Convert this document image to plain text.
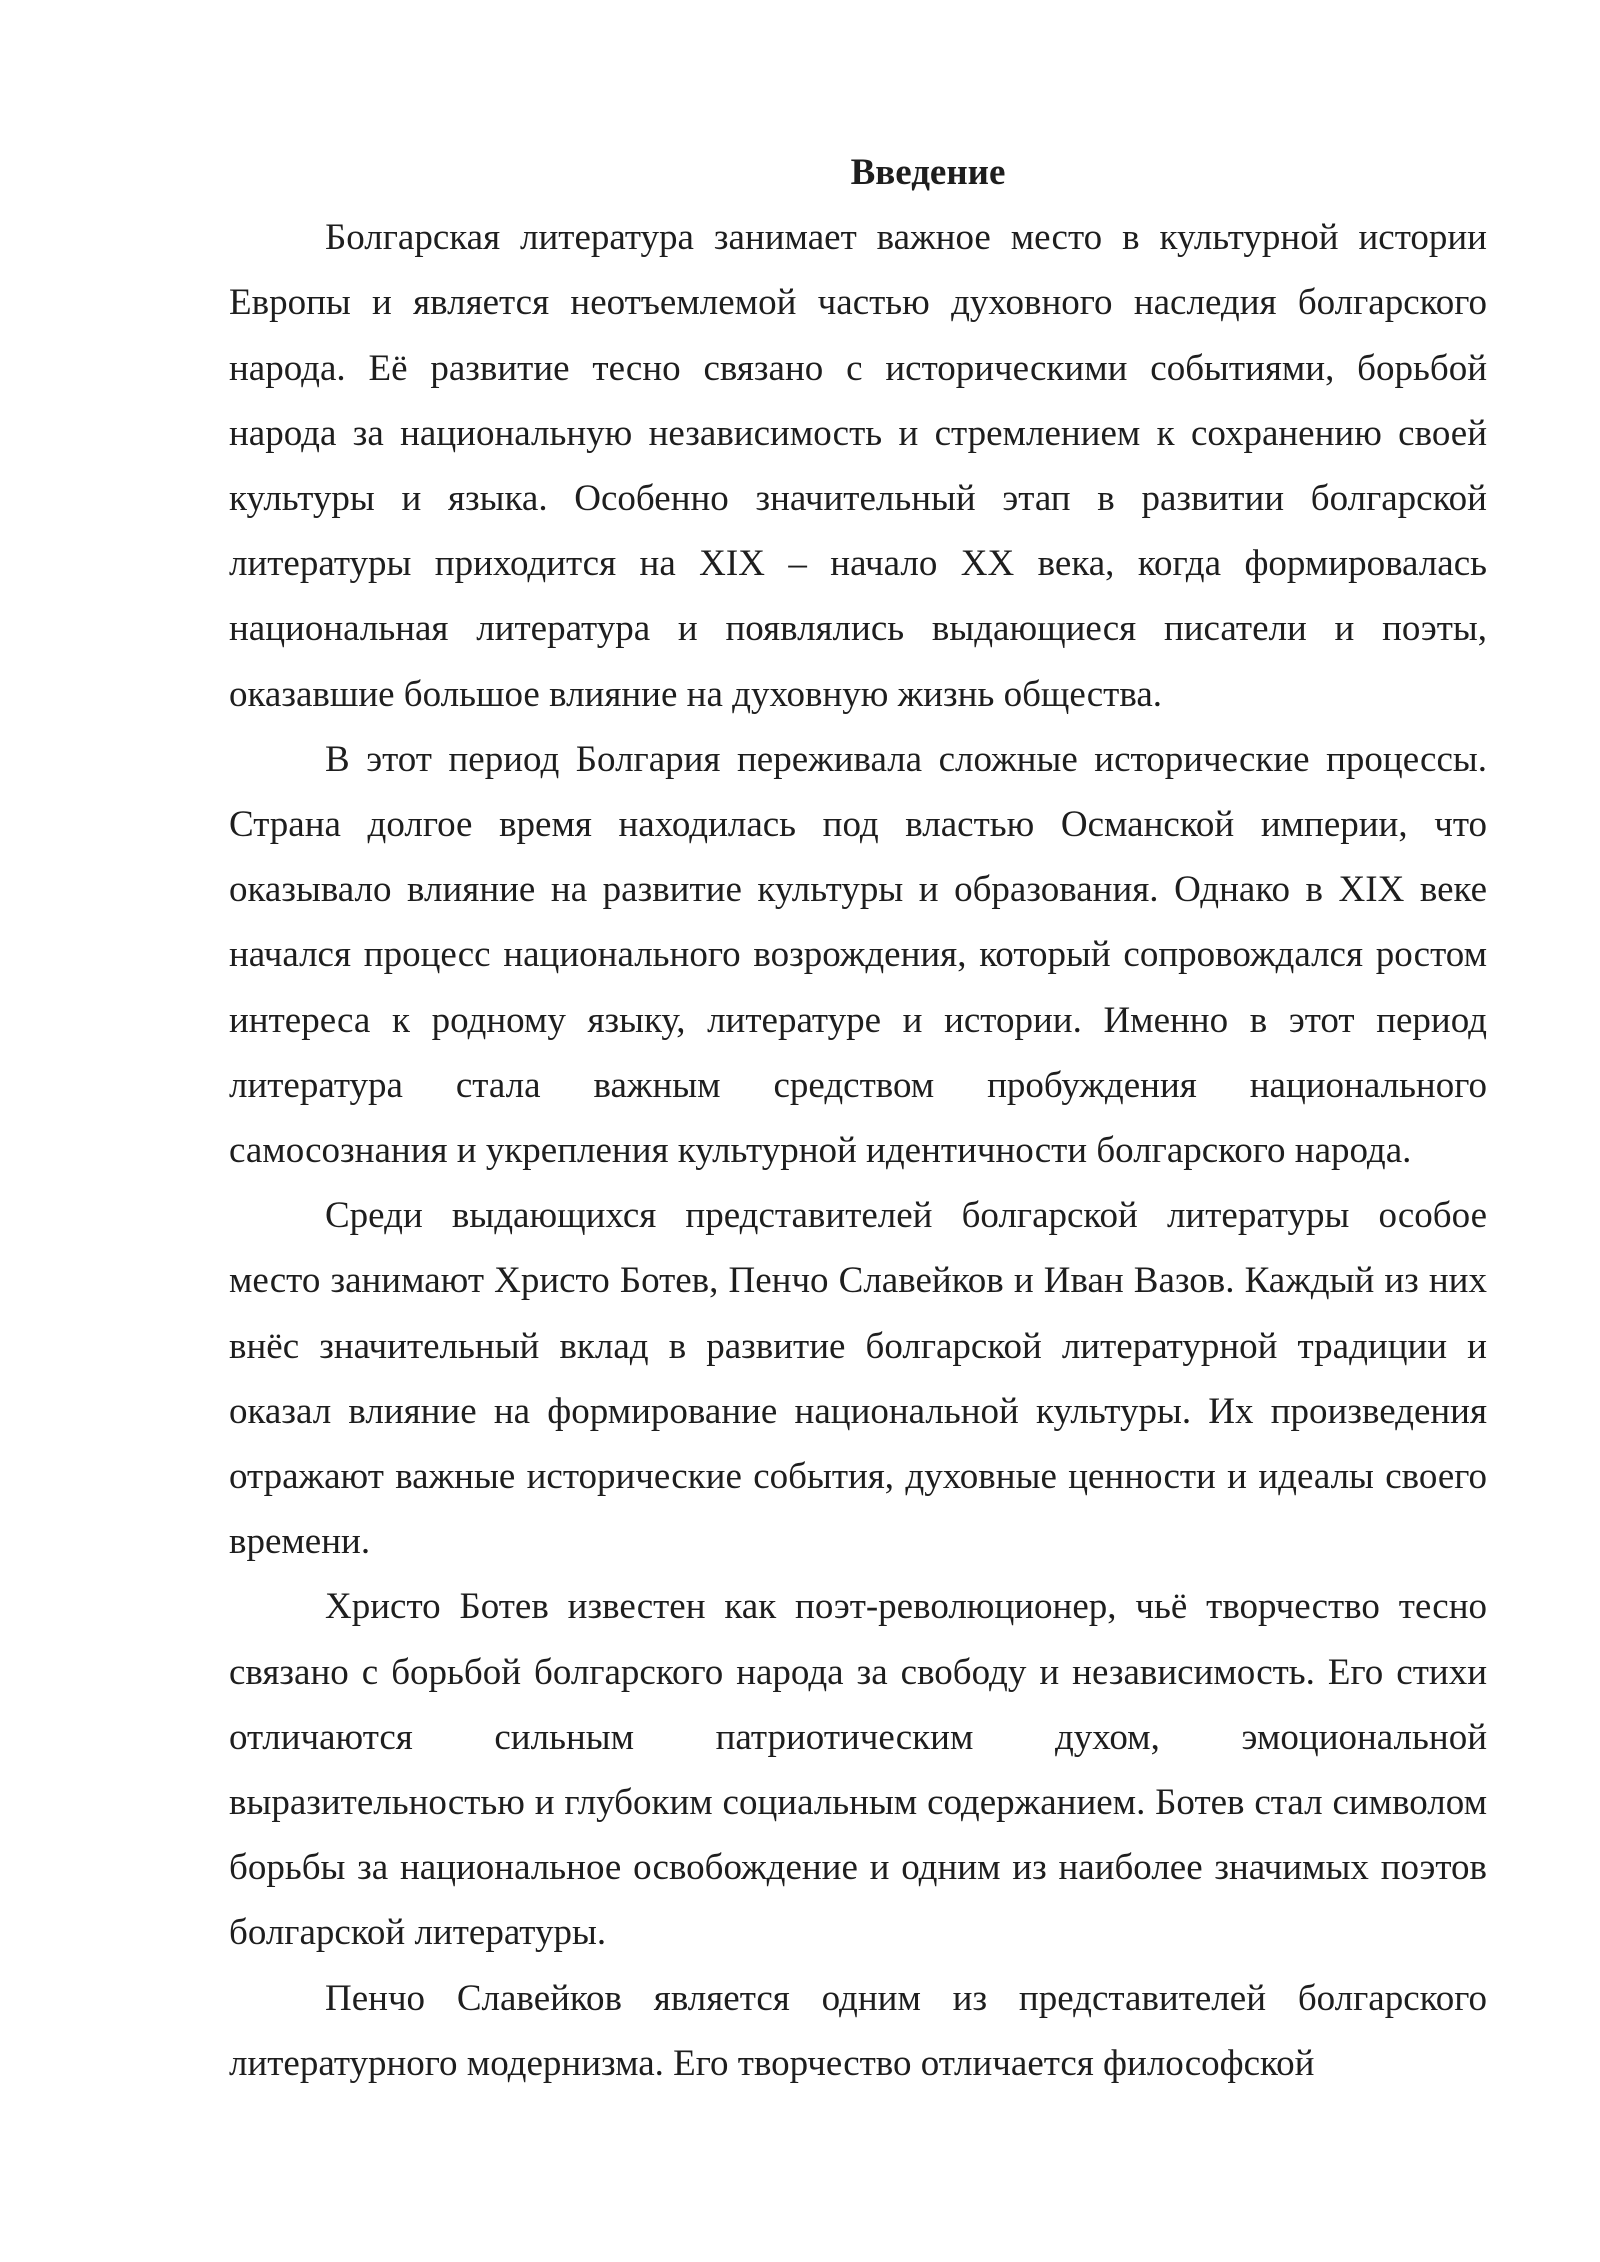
Введение

Болгарская литература занимает важное место в культурной истории Европы и является неотъемлемой частью духовного наследия болгарского народа. Её развитие тесно связано с историческими событиями, борьбой народа за национальную независимость и стремлением к сохранению своей культуры и языка. Особенно значительный этап в развитии болгарской литературы приходится на XIX – начало XX века, когда формировалась национальная литература и появлялись выдающиеся писатели и поэты, оказавшие большое влияние на духовную жизнь общества.

В этот период Болгария переживала сложные исторические процессы. Страна долгое время находилась под властью Османской империи, что оказывало влияние на развитие культуры и образования. Однако в XIX веке начался процесс национального возрождения, который сопровождался ростом интереса к родному языку, литературе и истории. Именно в этот период литература стала важным средством пробуждения национального самосознания и укрепления культурной идентичности болгарского народа.

Среди выдающихся представителей болгарской литературы особое место занимают Христо Ботев, Пенчо Славейков и Иван Вазов. Каждый из них внёс значительный вклад в развитие болгарской литературной традиции и оказал влияние на формирование национальной культуры. Их произведения отражают важные исторические события, духовные ценности и идеалы своего времени.

Христо Ботев известен как поэт-революционер, чьё творчество тесно связано с борьбой болгарского народа за свободу и независимость. Его стихи отличаются сильным патриотическим духом, эмоциональной выразительностью и глубоким социальным содержанием. Ботев стал символом борьбы за национальное освобождение и одним из наиболее значимых поэтов болгарской литературы.

Пенчо Славейков является одним из представителей болгарского литературного модернизма. Его творчество отличается философской
